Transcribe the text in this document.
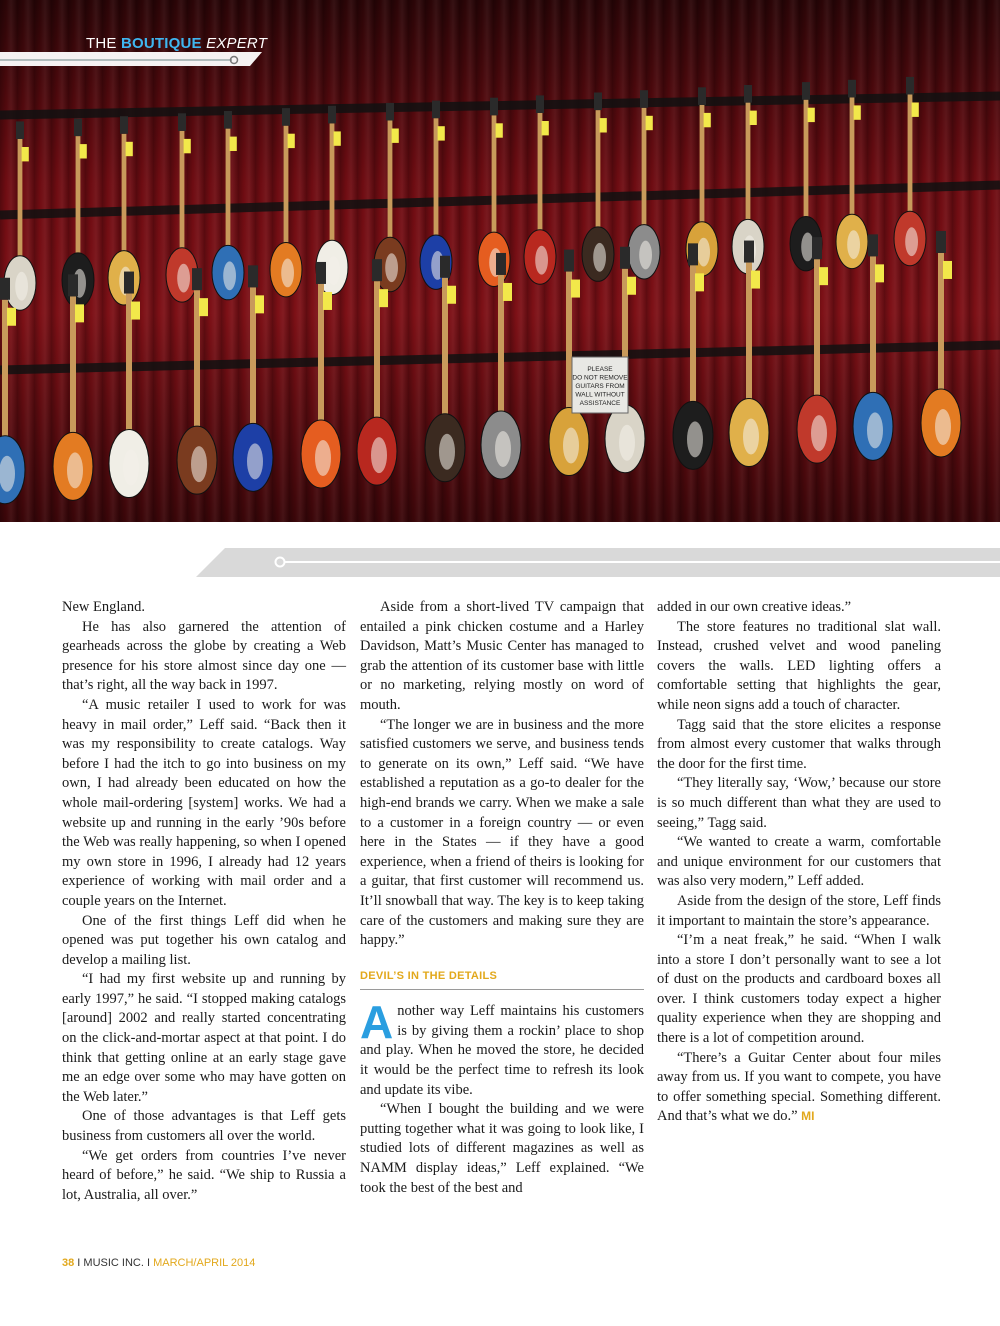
PLEASE DO NOT REMOVE GUITARS FROM WALL WITHOUT ASSISTANCE
THE BOUTIQUE EXPERT

New England.

He has also garnered the attention of gearheads across the globe by creating a Web presence for his store almost since day one — that’s right, all the way back in 1997.

“A music retailer I used to work for was heavy in mail order,” Leff said. “Back then it was my responsibility to create catalogs. Way before I had the itch to go into business on my own, I had already been educated on how the whole mail-ordering [system] works. We had a website up and running in the early ’90s before the Web was really happening, so when I opened my own store in 1996, I already had 12 years experience of working with mail order and a couple years on the Internet.

One of the first things Leff did when he opened was put together his own catalog and develop a mailing list.

“I had my first website up and running by early 1997,” he said. “I stopped making catalogs [around] 2002 and really started concentrating on the click-and-mortar aspect at that point. I do think that getting online at an early stage gave me an edge over some who may have gotten on the Web later.”

One of those advantages is that Leff gets business from customers all over the world.

“We get orders from countries I’ve never heard of before,” he said. “We ship to Russia a lot, Australia, all over.”

Aside from a short-lived TV campaign that entailed a pink chicken costume and a Harley Davidson, Matt’s Music Center has managed to grab the attention of its customer base with little or no marketing, relying mostly on word of mouth.

“The longer we are in business and the more satisfied customers we serve, and business tends to generate on its own,” Leff said. “We have established a reputation as a go-to dealer for the high-end brands we carry. When we make a sale to a customer in a foreign country — or even here in the States — if they have a good experience, when a friend of theirs is looking for a guitar, that first customer will recommend us. It’ll snowball that way. The key is to keep taking care of the customers and making sure they are happy.”

DEVIL’S IN THE DETAILS

Another way Leff maintains his customers is by giving them a rockin’ place to shop and play. When he moved the store, he decided it would be the perfect time to refresh its look and update its vibe.

“When I bought the building and we were putting together what it was going to look like, I studied lots of different magazines as well as NAMM display ideas,” Leff explained. “We took the best of the best and

added in our own creative ideas.”

The store features no traditional slat wall. Instead, crushed velvet and wood paneling covers the walls. LED lighting offers a comfortable setting that highlights the gear, while neon signs add a touch of character.

Tagg said that the store elicites a response from almost every customer that walks through the door for the first time.

“They literally say, ‘Wow,’ because our store is so much different than what they are used to seeing,” Tagg said.

“We wanted to create a warm, comfortable and unique environment for our customers that was also very modern,” Leff added.

Aside from the design of the store, Leff finds it important to maintain the store’s appearance.

“I’m a neat freak,” he said. “When I walk into a store I don’t personally want to see a lot of dust on the products and cardboard boxes all over. I think customers today expect a higher quality experience when they are shopping and there is a lot of competition around.

“There’s a Guitar Center about four miles away from us. If you want to compete, you have to offer something special. Something different. And that’s what we do.” MI

38 I MUSIC INC. I MARCH/APRIL 2014
